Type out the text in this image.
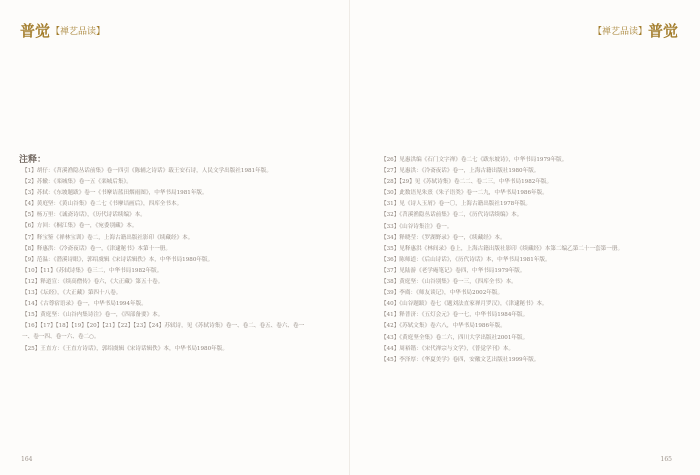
普觉 【禅艺品读】
注释：

【1】胡仔：《苕溪渔隐丛话前集》卷一四引《陈辅之诗话》载王安石诗，人民文学出版社1981年版。

【2】苏辙：《栾城集》卷一五《栾城后集》。

【3】苏轼：《东坡题跋》卷一《书摩诘蓝田烟雨图》，中华书局1981年版。

【4】黄庭坚：《黄山谷集》卷二七《书摩诘画后》，四库全书本。

【5】杨万里：《诚斋诗话》，《历代诗话续编》本。

【6】方回：《桐江集》卷一，《宛委别藏》本。

【7】释宝鉴《禅林宝训》卷二，上海古籍出版社影印《续藏经》本。

【8】释惠洪：《冷斋夜话》卷一，《津逮秘书》本第十一册。

【9】范温：《潜溪诗眼》，郭绍虞辑《宋诗话辑佚》本，中华书局1980年版。

【10】【11】《苏轼诗集》卷三二，中华书局1982年版。

【12】释道宣：《续高僧传》卷六，《大正藏》第五十卷。

【13】《坛经》，《大正藏》第四十八卷。

【14】《古尊宿语录》卷一，中华书局1994年版。

【15】黄庭坚：《山谷内集诗注》卷一，《四部备要》本。

【16】【17】【18】【19】【20】【21】【22】【23】【24】苏轼诗，见《苏轼诗集》卷一、卷二、卷五、卷六、卷一一、卷一四、卷一六、卷二○。

【25】王直方：《王直方诗话》，郭绍虞辑《宋诗话辑佚》本，中华书局1980年版。

164
【禅艺品读】 普觉

【26】见惠洪编《石门文字禅》卷二七《跋东坡诗》，中华书局1979年版。

【27】见惠洪：《冷斋夜话》卷一，上海古籍出版社1980年版。

【28】【29】见《苏轼诗集》卷二二、卷二三，中华书局1982年版。

【30】此数语见朱熹《朱子语类》卷一二九，中华书局1986年版。

【31】见《诗人玉屑》卷一〇，上海古籍出版社1978年版。

【32】《苕溪渔隐丛话前集》卷二，《历代诗话续编》本。

【33】《山谷诗集注》卷一。

【34】释晓莹：《罗湖野录》卷一，《续藏经》本。

【35】见释惠洪《林间录》卷上，上海古籍出版社影印《续藏经》本第二编乙第二十一套第一册。

【36】陈师道：《后山诗话》，《历代诗话》本，中华书局1981年版。

【37】见陆游《老学庵笔记》卷四，中华书局1979年版。

【38】黄庭坚：《山谷别集》卷一三，《四库全书》本。

【39】李廌：《师友谈记》，中华书局2002年版。

【40】《山谷题跋》卷七《题刘法直家禅月罗汉》，《津逮秘书》本。

【41】释普济：《五灯会元》卷一七，中华书局1984年版。

【42】《苏轼文集》卷六八，中华书局1986年版。

【43】《黄庭坚全集》卷二六，四川大学出版社2001年版。

【44】周裕锴：《宋代禅宗与文学》，《普觉学刊》本。

【45】李泽厚：《华夏美学》卷四，安徽文艺出版社1999年版。

165
